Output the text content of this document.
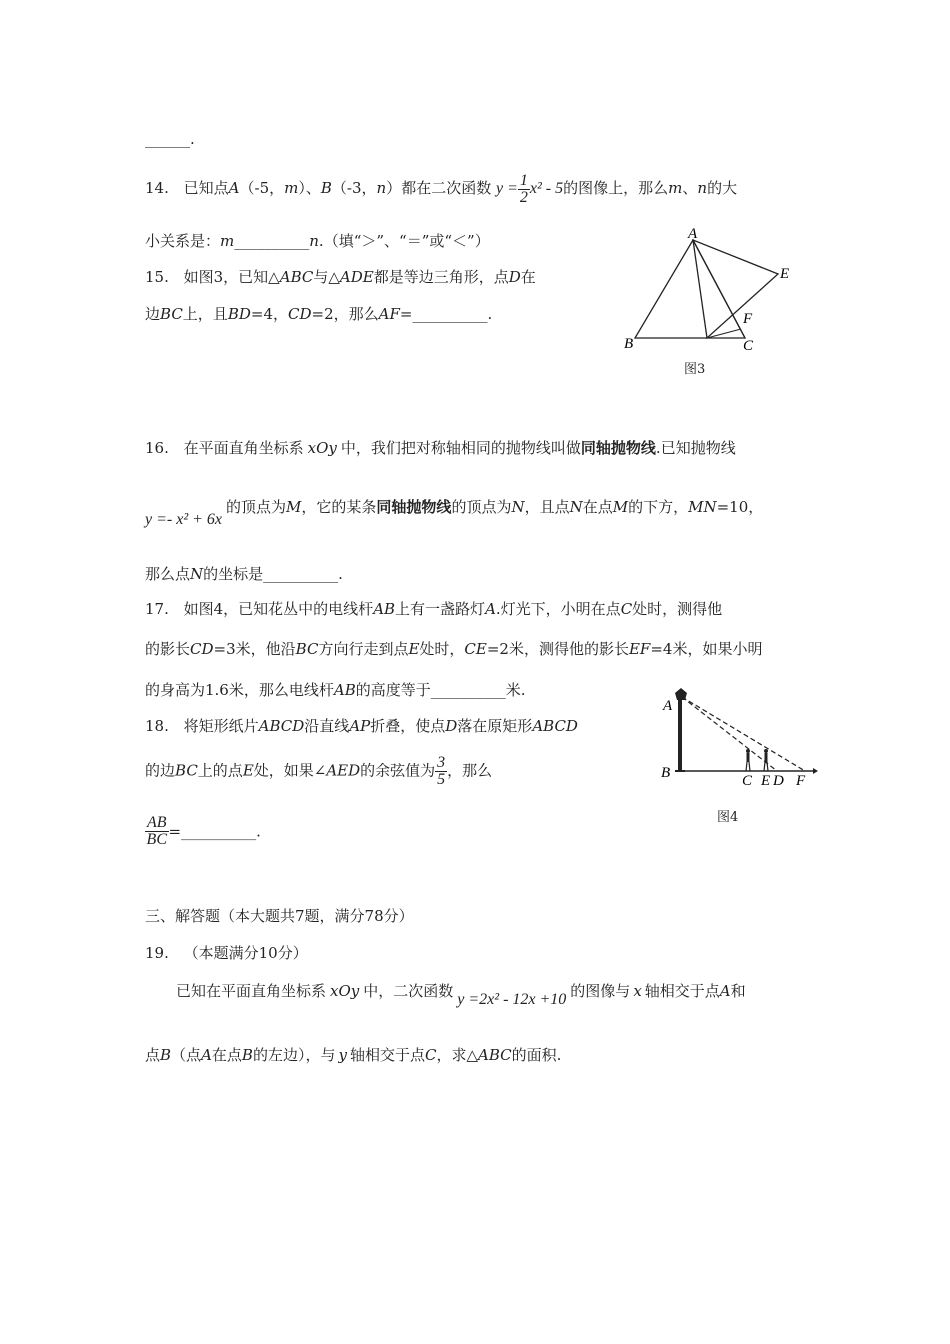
______.
14. 已知点A（-5，m）、B（-3，n）都在二次函数 $y = \frac{1}{2} x^2 - 5$的图像上，那么m、n的大
小关系是：m__________n.（填“＞”、“＝”或“＜”）
15. 如图3，已知△ABC与△ADE都是等边三角形，点D在
边BC上，且BD=4，CD=2，那么AF=__________.
A
B	C
E
F
图3
16. 在平面直角坐标系 xOy 中，我们把对称轴相同的抛物线叫做同轴抛物线.已知抛物线
y =- x² + 6x的顶点为M，它的某条同轴抛物线的顶点为N，且点N在点M的下方，MN=10，
那么点N的坐标是__________.
17. 如图4，已知花丛中的电线杆AB上有一盏路灯A.灯光下，小明在点C处时，测得他
的影长CD=3米，他沿BC方向行走到点E处时，CE=2米，测得他的影长EF=4米，如果小明
的身高为1.6米，那么电线杆AB的高度等于__________米.
A
B	C E D F
图4
18. 将矩形纸片ABCD沿直线AP折叠，使点D落在原矩形ABCD
的边BC上的点E处，如果∠AED的余弦值为 $\frac{3}{5}$ ，那么
$\frac{AB}{BC}$ =__________.
三、解答题（本大题共7题，满分78分）
19. （本题满分10分）
已知在平面直角坐标系 xOy 中，二次函数 y =2x² - 12x +10 的图像与 x 轴相交于点A和
点B（点A在点B的左边），与 y 轴相交于点C，求△ABC的面积.
